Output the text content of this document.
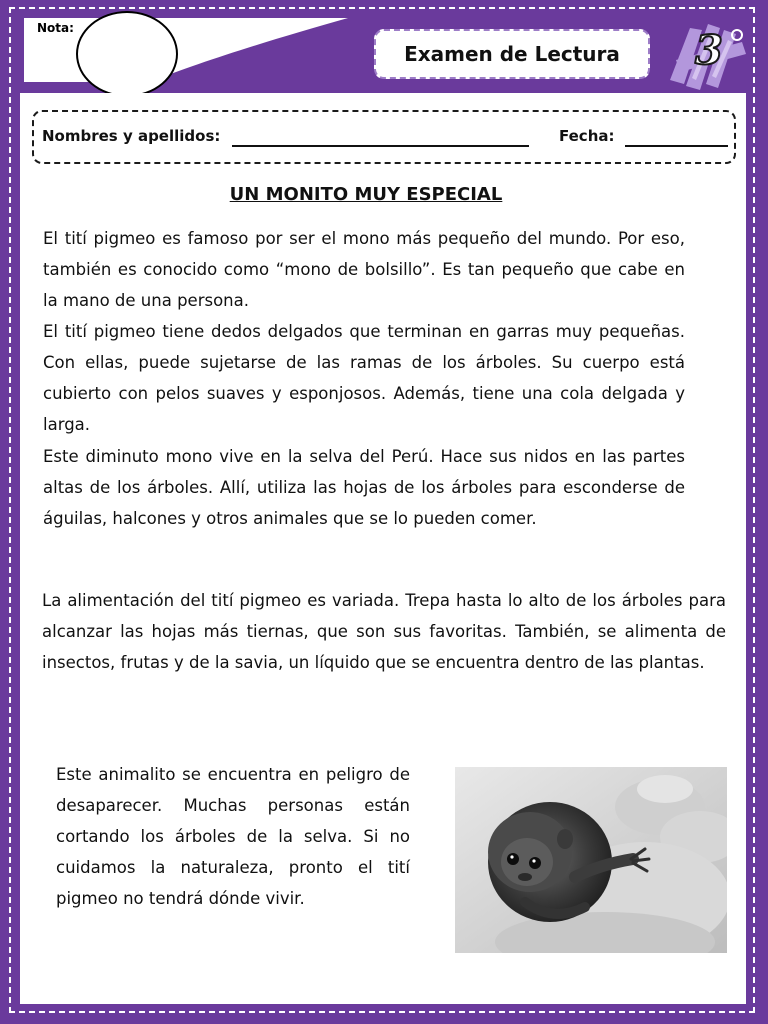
Nota:
Examen de Lectura	3
Nombres y apellidos:	Fecha:
UN MONITO MUY ESPECIAL

El tití pigmeo es famoso por ser el mono más pequeño del mundo. Por eso, también es conocido como “mono de bolsillo”. Es tan pequeño que cabe en la mano de una persona.

El tití pigmeo tiene dedos delgados que terminan en garras muy pequeñas. Con ellas, puede sujetarse de las ramas de los árboles. Su cuerpo está cubierto con pelos suaves y esponjosos. Además, tiene una cola delgada y larga.

Este diminuto mono vive en la selva del Perú. Hace sus nidos en las partes altas de los árboles. Allí, utiliza las hojas de los árboles para esconderse de águilas, halcones y otros animales que se lo pueden comer.

La alimentación del tití pigmeo es variada. Trepa hasta lo alto de los árboles para alcanzar las hojas más tiernas, que son sus favoritas. También, se alimenta de insectos, frutas y de la savia, un líquido que se encuentra dentro de las plantas.

Este animalito se encuentra en peligro de desaparecer. Muchas personas están cortando los árboles de la selva. Si no cuidamos la naturaleza, pronto el tití pigmeo no tendrá dónde vivir.
